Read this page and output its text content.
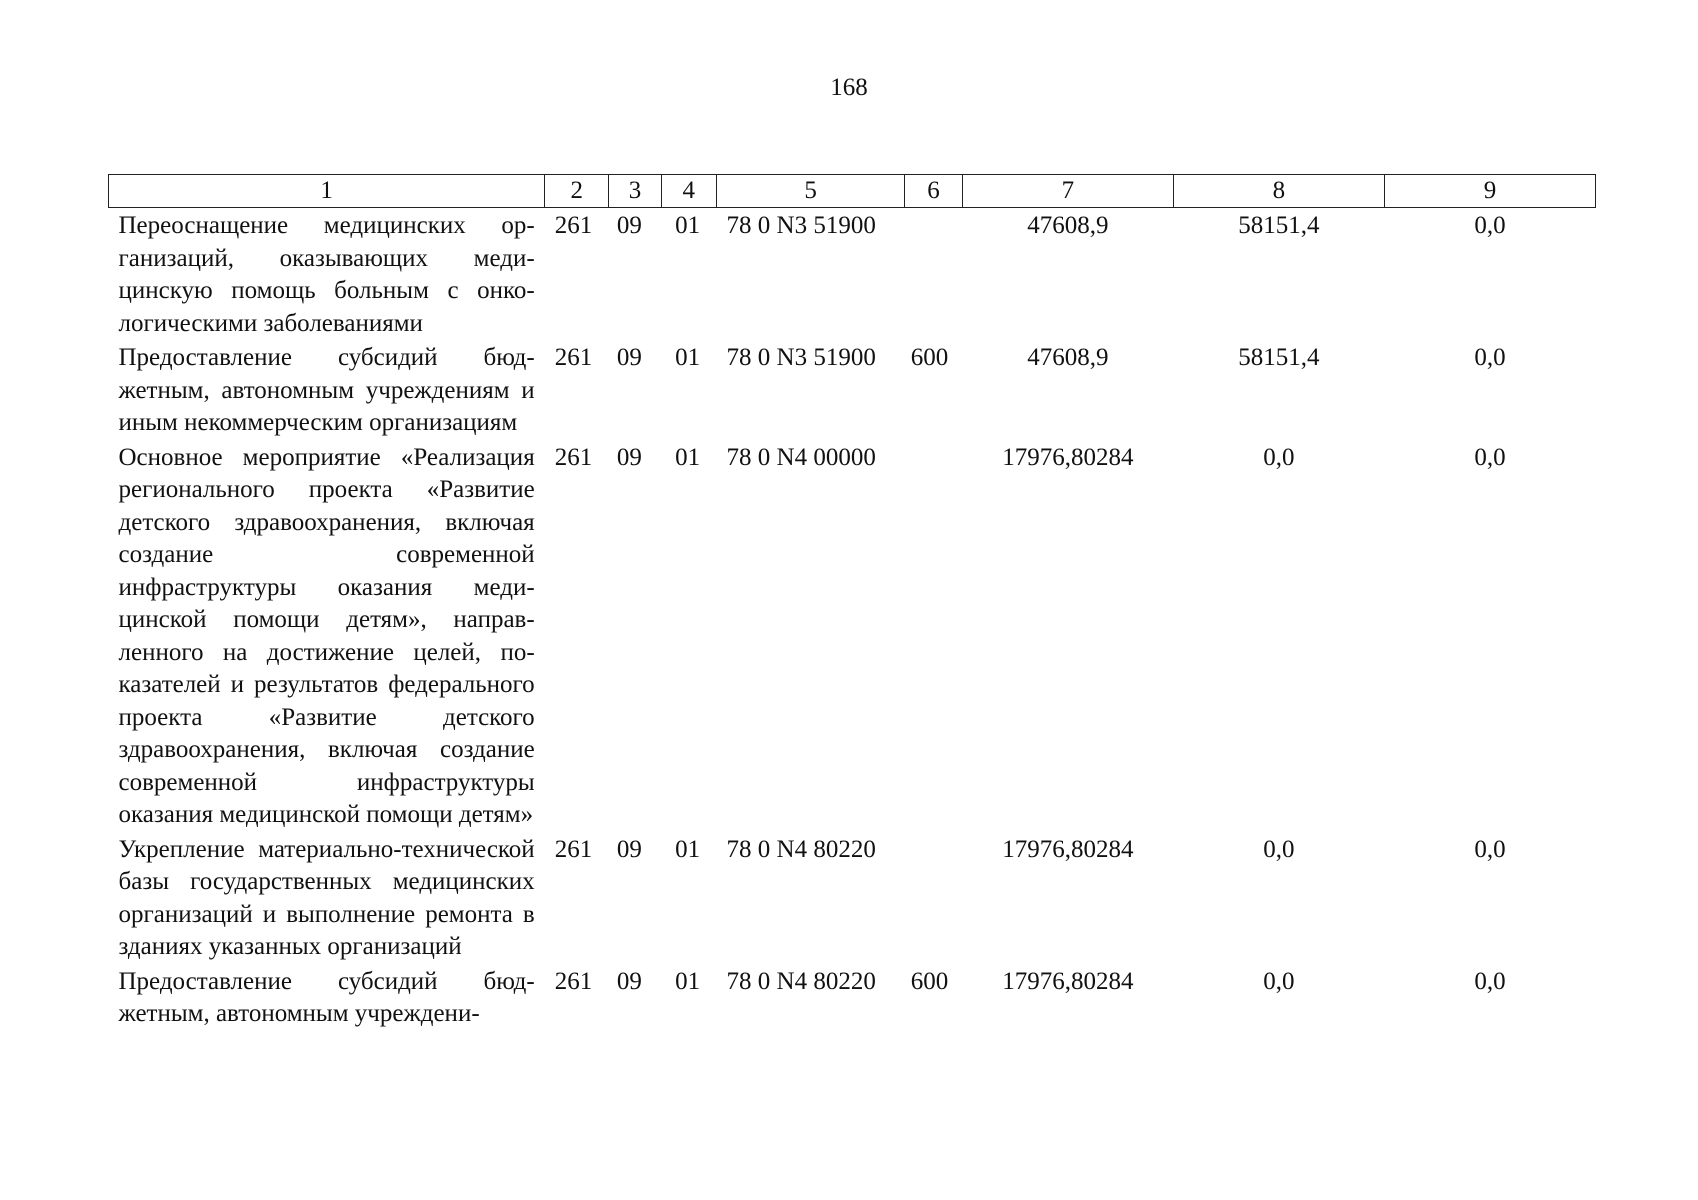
168
1	2	3	4	5	6	7	8	9
Переоснащение медицинских организаций, оказывающих медицинскую помощь больным с онкологическими заболеваниями	261	09	01	78 0 N3 51900		47608,9	58151,4	0,0
Предоставление субсидий бюджетным, автономным учреждениям и иным некоммерческим организациям	261	09	01	78 0 N3 51900	600	47608,9	58151,4	0,0
Основное мероприятие «Реализация регионального проекта «Развитие детского здравоохранения, включая создание современной инфраструктуры оказания медицинской помощи детям», направленного на достижение целей, показателей и результатов федерального проекта «Развитие детского здравоохранения, включая создание современной инфраструктуры оказания медицинской помощи детям»	261	09	01	78 0 N4 00000		17976,80284	0,0	0,0
Укрепление материально-технической базы государственных медицинских организаций и выполнение ремонта в зданиях указанных организаций	261	09	01	78 0 N4 80220		17976,80284	0,0	0,0
Предоставление субсидий бюджетным, автономным учреждени-	261	09	01	78 0 N4 80220	600	17976,80284	0,0	0,0
